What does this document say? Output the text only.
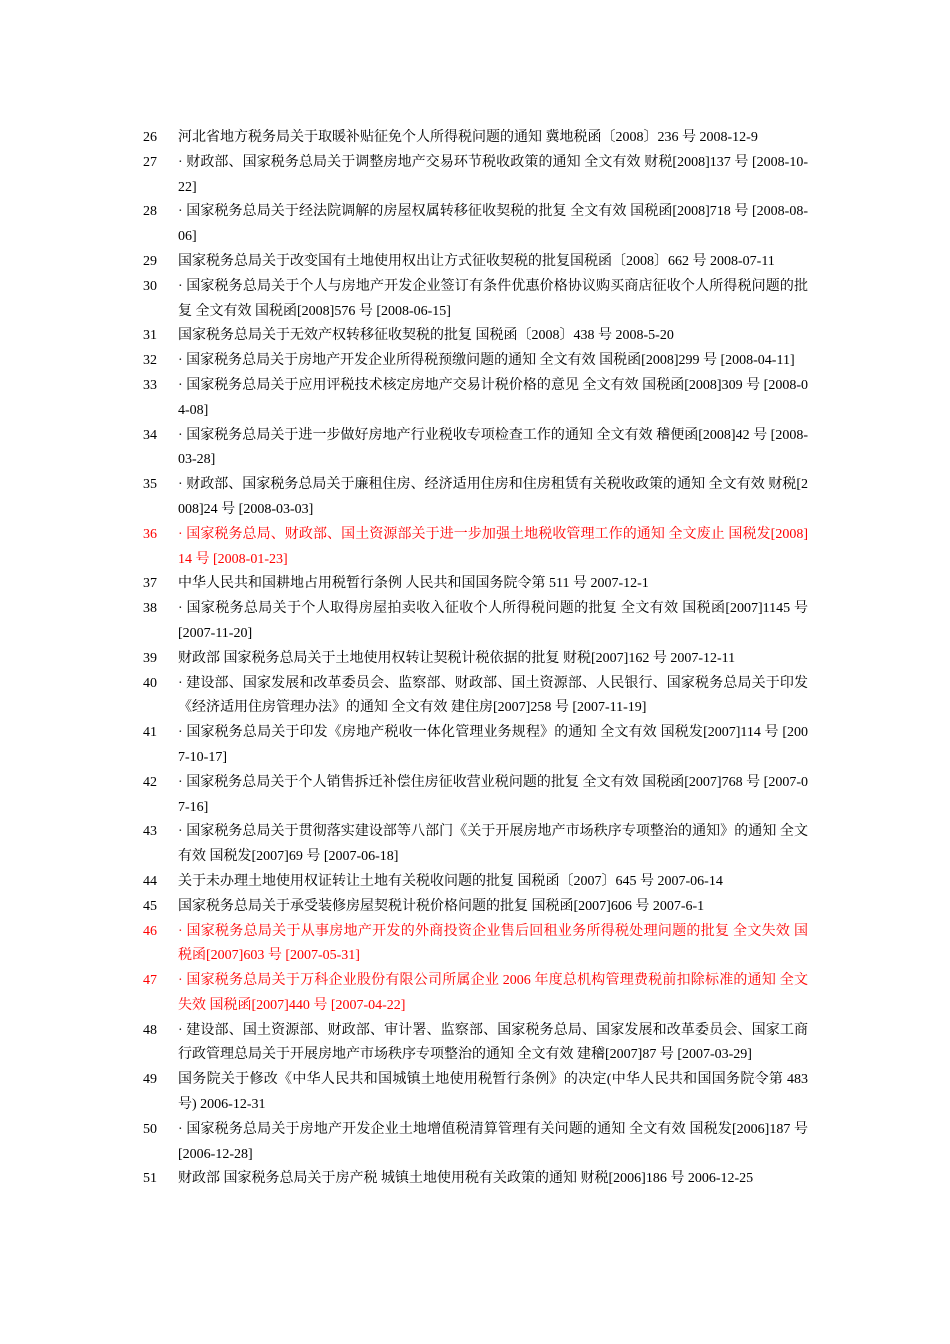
26	河北省地方税务局关于取暖补贴征免个人所得税问题的通知 冀地税函〔2008〕236 号 2008-12-9
27	· 财政部、国家税务总局关于调整房地产交易环节税收政策的通知 全文有效 财税[2008]137 号 [2008-10-22]
28	· 国家税务总局关于经法院调解的房屋权属转移征收契税的批复 全文有效 国税函[2008]718 号 [2008-08-06]
29	国家税务总局关于改变国有土地使用权出让方式征收契税的批复国税函〔2008〕662 号 2008-07-11
30	· 国家税务总局关于个人与房地产开发企业签订有条件优惠价格协议购买商店征收个人所得税问题的批复 全文有效 国税函[2008]576 号 [2008-06-15]
31	国家税务总局关于无效产权转移征收契税的批复 国税函〔2008〕438 号 2008-5-20
32	· 国家税务总局关于房地产开发企业所得税预缴问题的通知 全文有效 国税函[2008]299 号 [2008-04-11]
33	· 国家税务总局关于应用评税技术核定房地产交易计税价格的意见 全文有效 国税函[2008]309 号 [2008-04-08]
34	· 国家税务总局关于进一步做好房地产行业税收专项检查工作的通知 全文有效 稽便函[2008]42 号 [2008-03-28]
35	· 财政部、国家税务总局关于廉租住房、经济适用住房和住房租赁有关税收政策的通知 全文有效 财税[2008]24 号 [2008-03-03]
36	· 国家税务总局、财政部、国土资源部关于进一步加强土地税收管理工作的通知 全文废止 国税发[2008]14 号 [2008-01-23]
37	中华人民共和国耕地占用税暂行条例 人民共和国国务院令第 511 号 2007-12-1
38	· 国家税务总局关于个人取得房屋拍卖收入征收个人所得税问题的批复 全文有效 国税函[2007]1145 号 [2007-11-20]
39	财政部 国家税务总局关于土地使用权转让契税计税依据的批复 财税[2007]162 号 2007-12-11
40	· 建设部、国家发展和改革委员会、监察部、财政部、国土资源部、人民银行、国家税务总局关于印发《经济适用住房管理办法》的通知 全文有效 建住房[2007]258 号 [2007-11-19]
41	· 国家税务总局关于印发《房地产税收一体化管理业务规程》的通知 全文有效 国税发[2007]114 号 [2007-10-17]
42	· 国家税务总局关于个人销售拆迁补偿住房征收营业税问题的批复 全文有效 国税函[2007]768 号 [2007-07-16]
43	· 国家税务总局关于贯彻落实建设部等八部门《关于开展房地产市场秩序专项整治的通知》的通知 全文有效 国税发[2007]69 号 [2007-06-18]
44	关于未办理土地使用权证转让土地有关税收问题的批复 国税函〔2007〕645 号 2007-06-14
45	国家税务总局关于承受装修房屋契税计税价格问题的批复 国税函[2007]606 号 2007-6-1
46	· 国家税务总局关于从事房地产开发的外商投资企业售后回租业务所得税处理问题的批复 全文失效 国税函[2007]603 号 [2007-05-31]
47	· 国家税务总局关于万科企业股份有限公司所属企业 2006 年度总机构管理费税前扣除标准的通知 全文失效 国税函[2007]440 号 [2007-04-22]
48	· 建设部、国土资源部、财政部、审计署、监察部、国家税务总局、国家发展和改革委员会、国家工商行政管理总局关于开展房地产市场秩序专项整治的通知 全文有效 建稽[2007]87 号 [2007-03-29]
49	国务院关于修改《中华人民共和国城镇土地使用税暂行条例》的决定(中华人民共和国国务院令第 483 号) 2006-12-31
50	· 国家税务总局关于房地产开发企业土地增值税清算管理有关问题的通知 全文有效 国税发[2006]187 号 [2006-12-28]
51	财政部 国家税务总局关于房产税 城镇土地使用税有关政策的通知 财税[2006]186 号 2006-12-25
